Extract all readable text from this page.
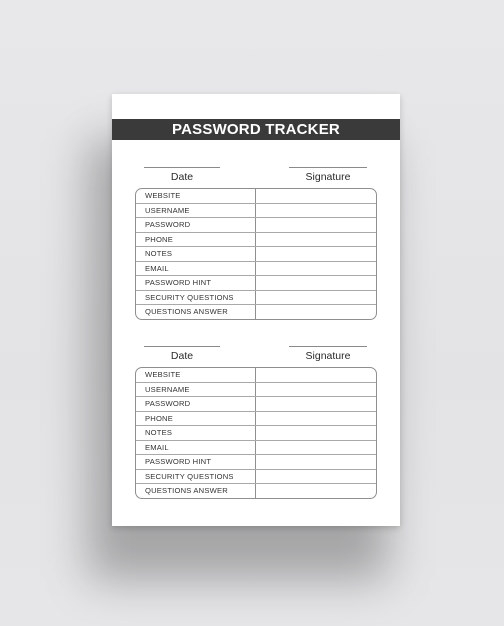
PASSWORD TRACKER
Date	Signature
WEBSITE
USERNAME
PASSWORD
PHONE
NOTES
EMAIL
PASSWORD HINT
SECURITY QUESTIONS
QUESTIONS ANSWER
Date	Signature
WEBSITE
USERNAME
PASSWORD
PHONE
NOTES
EMAIL
PASSWORD HINT
SECURITY QUESTIONS
QUESTIONS ANSWER
